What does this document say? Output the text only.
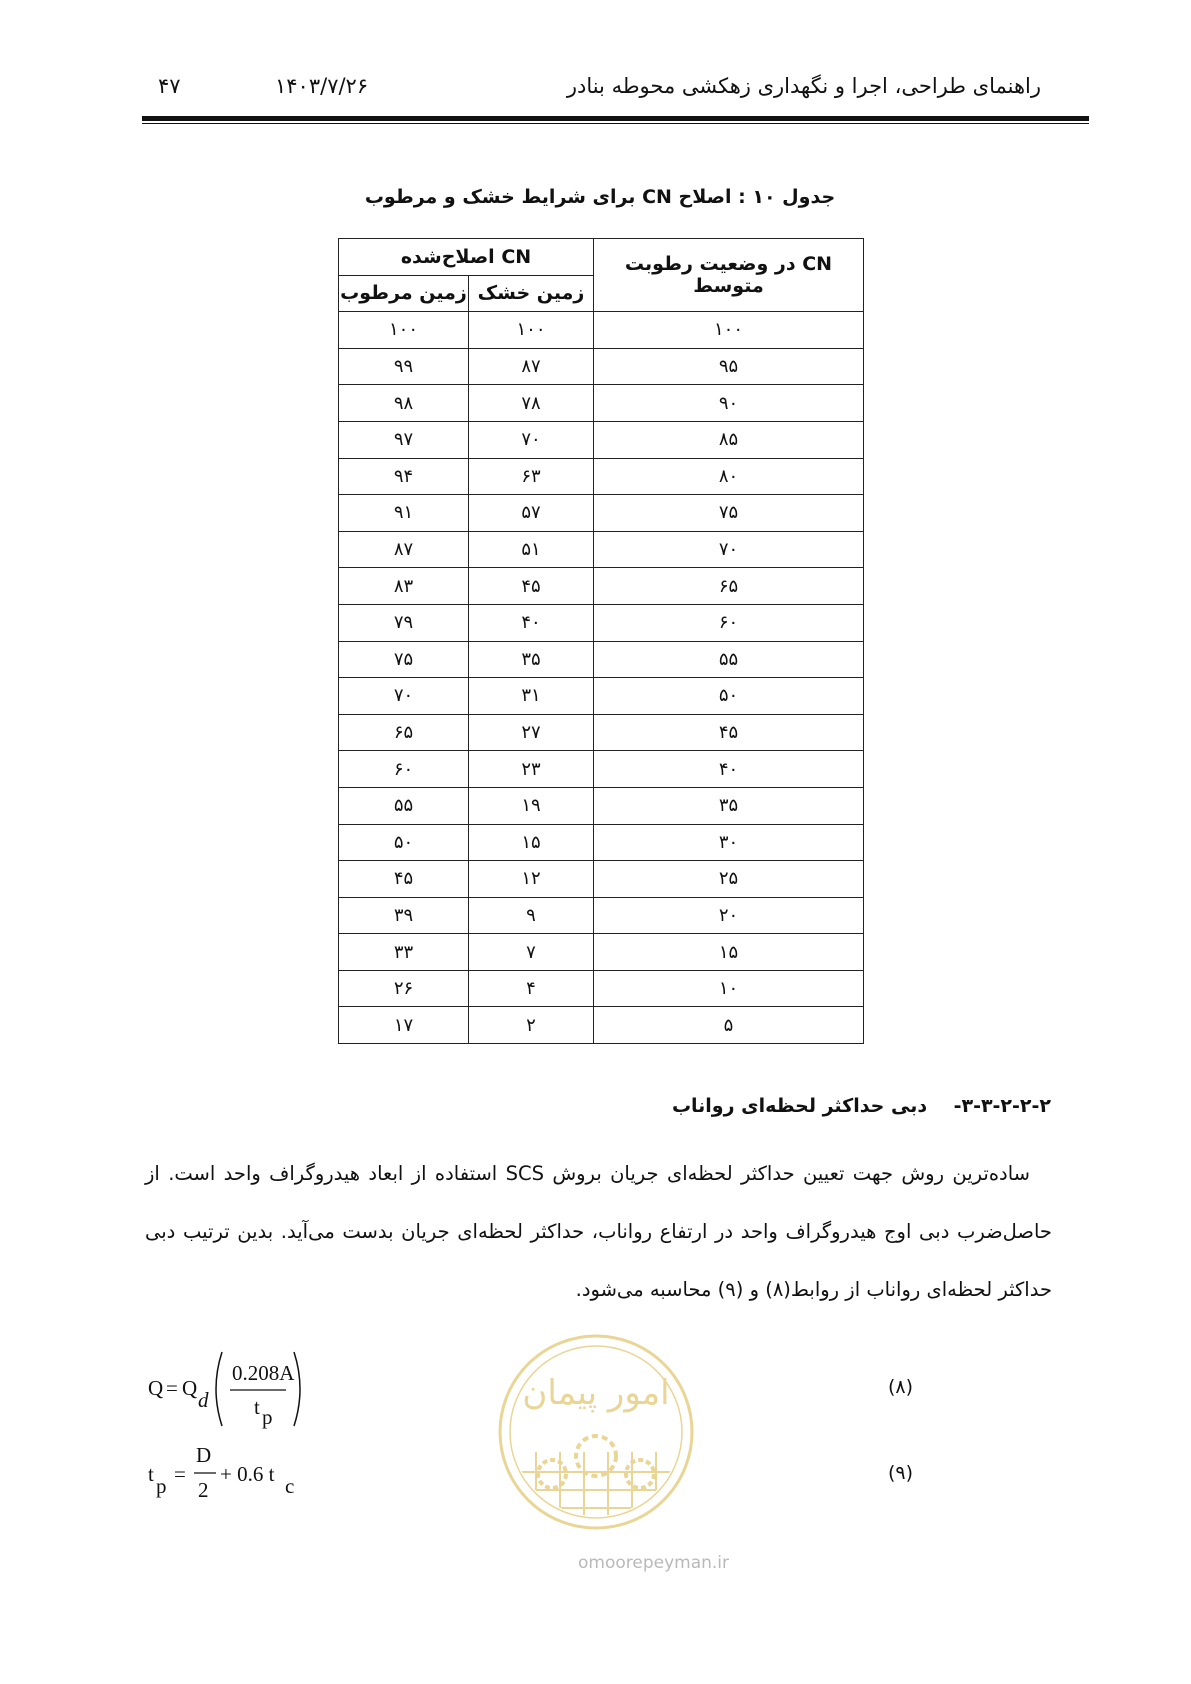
راهنمای طراحی، اجرا و نگهداری زهکشی محوطه بنادر
۱۴۰۳/۷/۲۶
۴۷
جدول ۱۰ : اصلاح CN برای شرایط خشک و مرطوب
CN در وضعیت رطوبت متوسط	CN اصلاح‌شده	
	زمین خشک	زمین مرطوب
۱۰۰	۱۰۰	۱۰۰
۹۵	۸۷	۹۹
۹۰	۷۸	۹۸
۸۵	۷۰	۹۷
۸۰	۶۳	۹۴
۷۵	۵۷	۹۱
۷۰	۵۱	۸۷
۶۵	۴۵	۸۳
۶۰	۴۰	۷۹
۵۵	۳۵	۷۵
۵۰	۳۱	۷۰
۴۵	۲۷	۶۵
۴۰	۲۳	۶۰
۳۵	۱۹	۵۵
۳۰	۱۵	۵۰
۲۵	۱۲	۴۵
۲۰	۹	۳۹
۱۵	۷	۳۳
۱۰	۴	۲۶
۵	۲	۱۷
۳-۳-۲-۲-۲-    دبی حداکثر لحظه‌ای رواناب
ساده‌ترین روش جهت تعیین حداکثر لحظه‌ای جریان بروش SCS استفاده از ابعاد هیدروگراف واحد است. از حاصل‌ضرب دبی اوج هیدروگراف واحد در ارتفاع رواناب، حداکثر لحظه‌ای جریان بدست می‌آید. بدین ترتیب دبی حداکثر لحظه‌ای رواناب از روابط(۸) و (۹) محاسبه می‌شود.
Q = Q d
0.208A
t p
(۸)
t p =
D
2
+ 0.6 t c
(۹)
امور پیمان
omoorepeyman.ir
